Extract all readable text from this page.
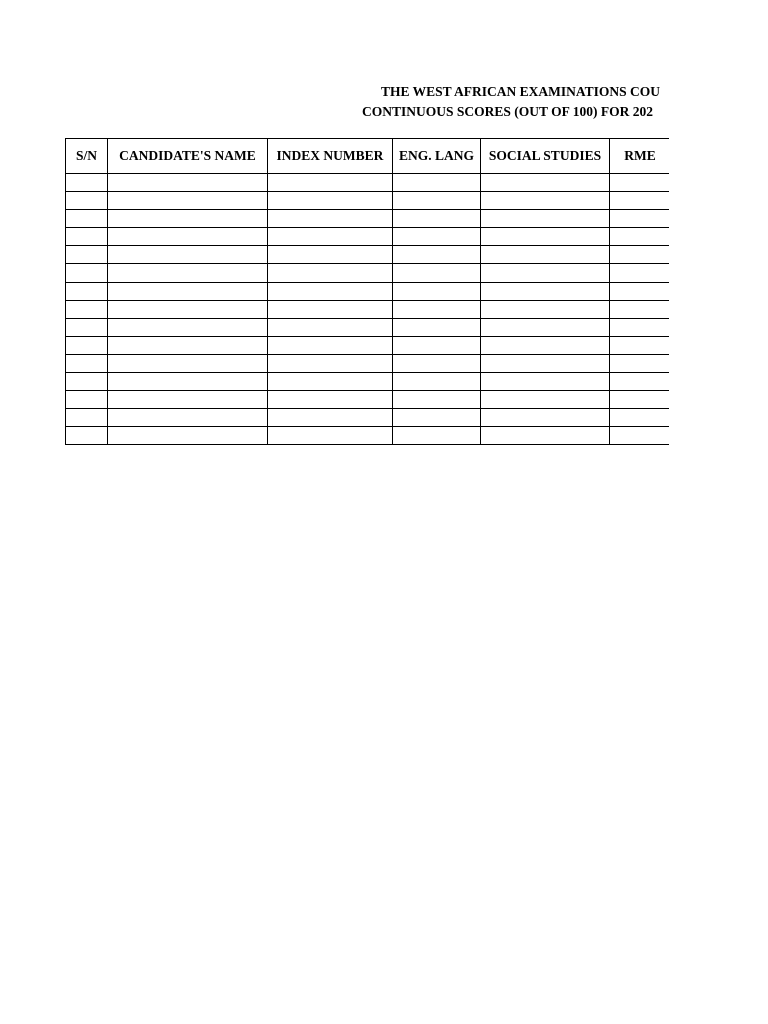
THE WEST AFRICAN EXAMINATIONS COU
CONTINUOUS SCORES (OUT OF 100) FOR 202
S/N	CANDIDATE'S NAME	INDEX NUMBER	ENG. LANG	SOCIAL STUDIES	RME
